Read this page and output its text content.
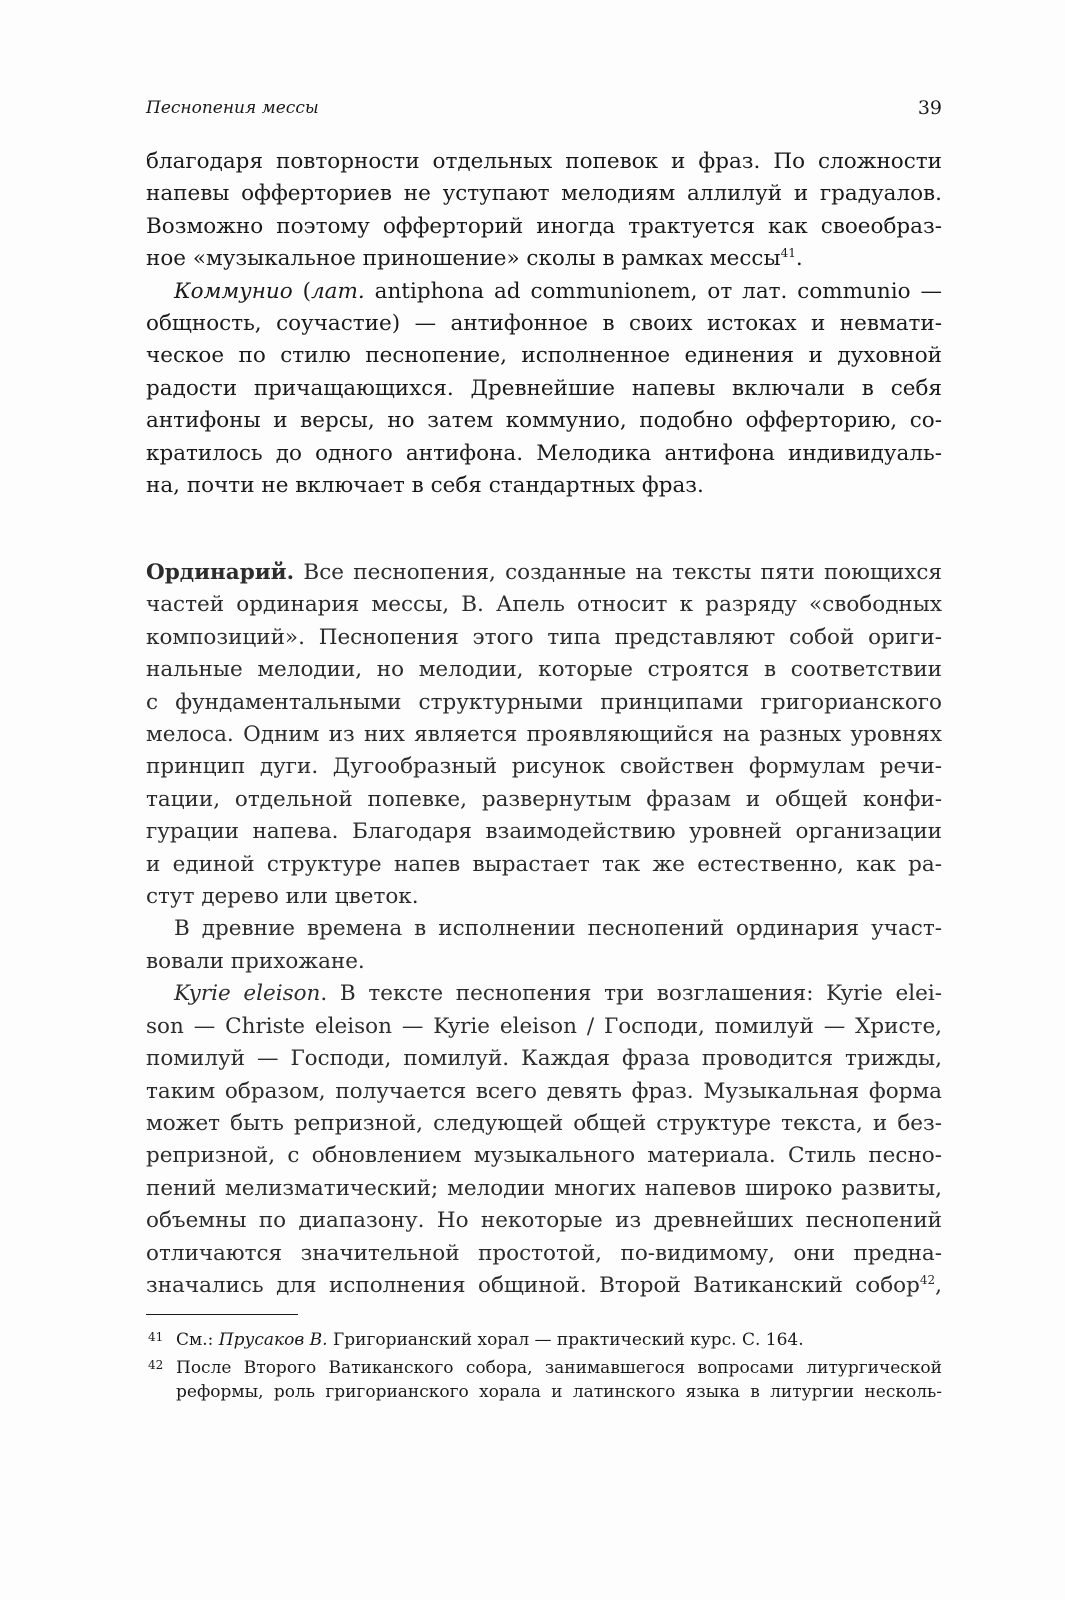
Песнопения мессы	39
благодаря повторности отдельных попевок и фраз. По сложности
напевы офферториев не уступают мелодиям аллилуй и градуалов.
Возможно поэтому офферторий иногда трактуется как своеобраз-
ное «музыкальное приношение» сколы в рамках мессы$^{41}$.
Коммунио (лат. antiphona ad communionem, от лат. communio —
общность, соучастие) — антифонное в своих истоках и невмати-
ческое по стилю песнопение, исполненное единения и духовной
радости причащающихся. Древнейшие напевы включали в себя
антифоны и версы, но затем коммунио, подобно офферторию, со-
кратилось до одного антифона. Мелодика антифона индивидуаль-
на, почти не включает в себя стандартных фраз.
Ординарий. Все песнопения, созданные на тексты пяти поющихся
частей ординария мессы, В. Апель относит к разряду «свободных
композиций». Песнопения этого типа представляют собой ориги-
нальные мелодии, но мелодии, которые строятся в соответствии
с фундаментальными структурными принципами григорианского
мелоса. Одним из них является проявляющийся на разных уровнях
принцип дуги. Дугообразный рисунок свойствен формулам речи-
тации, отдельной попевке, развернутым фразам и общей конфи-
гурации напева. Благодаря взаимодействию уровней организации
и единой структуре напев вырастает так же естественно, как ра-
стут дерево или цветок.
В древние времена в исполнении песнопений ординария участ-
вовали прихожане.
Kyrie eleison. В тексте песнопения три возглашения: Kyrie elei-
son — Christe eleison — Kyrie eleison / Господи, помилуй — Христе,
помилуй — Господи, помилуй. Каждая фраза проводится трижды,
таким образом, получается всего девять фраз. Музыкальная форма
может быть репризной, следующей общей структуре текста, и без-
репризной, с обновлением музыкального материала. Стиль песно-
пений мелизматический; мелодии многих напевов широко развиты,
объемны по диапазону. Но некоторые из древнейших песнопений
отличаются значительной простотой, по-видимому, они предна-
значались для исполнения общиной. Второй Ватиканский собор$^{42}$,
41 См.: Прусаков В. Григорианский хорал — практический курс. С. 164.
42 После Второго Ватиканского собора, занимавшегося вопросами литургической
реформы, роль григорианского хорала и латинского языка в литургии несколь-
